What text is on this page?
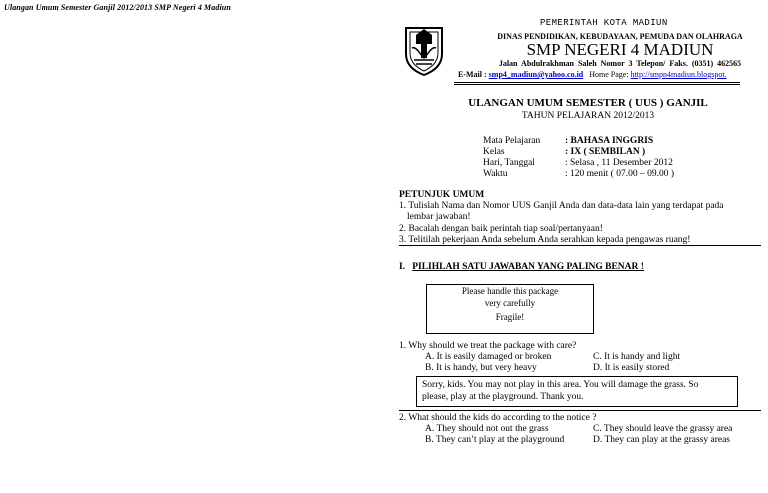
Ulangan Umum Semester Ganjil 2012/2013 SMP Negeri 4 Madiun
PEMERINTAH KOTA MADIUN
DINAS PENDIDIKAN, KEBUDAYAAN, PEMUDA DAN OLAHRAGA
SMP NEGERI 4 MADIUN
Jalan Abdulrakhman Saleh Nomor 3 Telepon/ Faks. (0351) 462565
E-Mail : smp4_madiun@yahoo.co.id Home Page: http://smpn4madiun.blogspot.
ULANGAN UMUM SEMESTER ( UUS ) GANJIL
TAHUN PELAJARAN 2012/2013
Mata Pelajaran	: BAHASA INGGRIS
Kelas	: IX ( SEMBILAN )
Hari, Tanggal	: Selasa , 11 Desember 2012
Waktu	: 120 menit ( 07.00 – 09.00 )
PETUNJUK UMUM
1. Tulislah Nama dan Nomor UUS Ganjil Anda dan data-data lain yang terdapat pada
lembar jawaban!
2. Bacalah dengan baik perintah tiap soal/pertanyaan!
3. Telitilah pekerjaan Anda sebelum Anda serahkan kepada pengawas ruang!
I. PILIHLAH SATU JAWABAN YANG PALING BENAR !
Please handle this package
very carefully
Fragile!
1. Why should we treat the package with care?
A. It is easily damaged or broken	C. It is handy and light
B. It is handy, but very heavy	D. It is easily stored
Sorry, kids. You may not play in this area. You will damage the grass. So
please, play at the playground. Thank you.
2. What should the kids do according to the notice ?
A. They should not out the grass	C. They should leave the grassy area
B. They can’t play at the playground	D. They can play at the grassy areas
